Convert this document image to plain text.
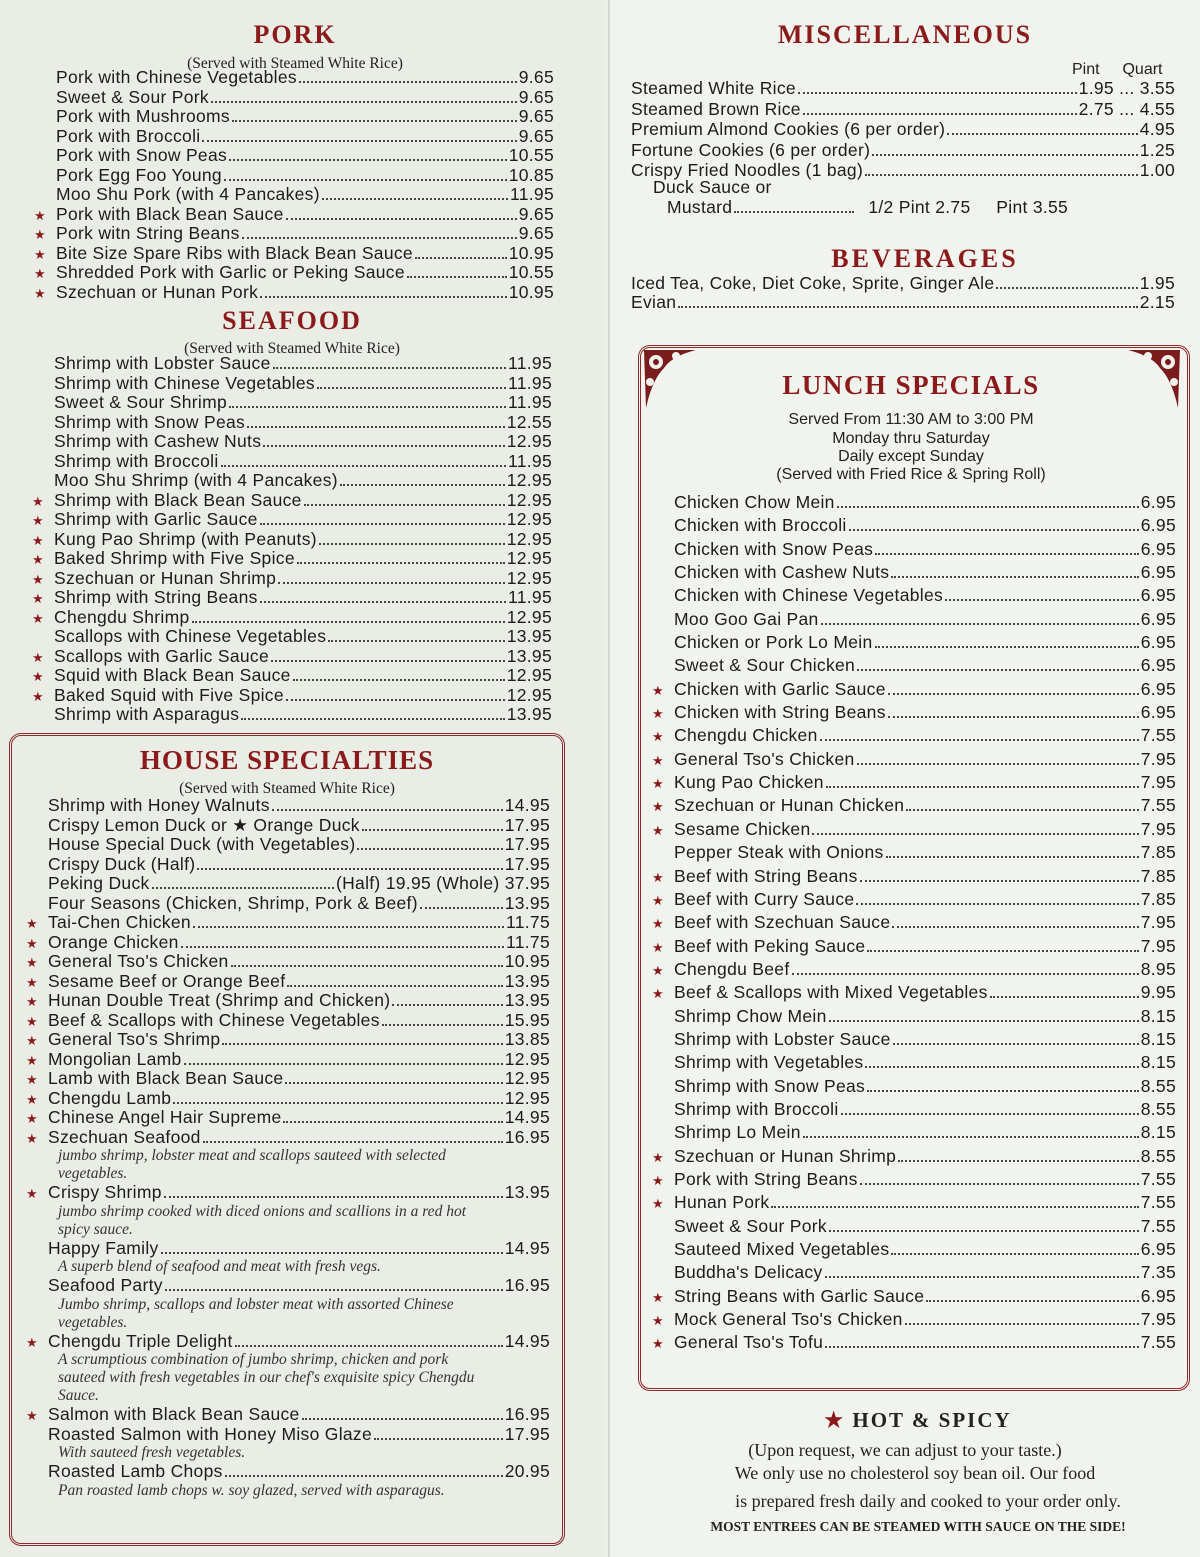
PORK
(Served with Steamed White Rice)
Pork with Chinese Vegetables	9.65
Sweet & Sour Pork	9.65
Pork with Mushrooms	9.65
Pork with Broccoli	9.65
Pork with Snow Peas	10.55
Pork Egg Foo Young	10.85
Moo Shu Pork (with 4 Pancakes)	11.95
★ Pork with Black Bean Sauce	9.65
★ Pork witn String Beans	9.65
★ Bite Size Spare Ribs with Black Bean Sauce	10.95
★ Shredded Pork with Garlic or Peking Sauce	10.55
★ Szechuan or Hunan Pork	10.95
SEAFOOD
(Served with Steamed White Rice)
Shrimp with Lobster Sauce	11.95
Shrimp with Chinese Vegetables	11.95
Sweet & Sour Shrimp	11.95
Shrimp with Snow Peas	12.55
Shrimp with Cashew Nuts	12.95
Shrimp with Broccoli	11.95
Moo Shu Shrimp (with 4 Pancakes)	12.95
★ Shrimp with Black Bean Sauce	12.95
★ Shrimp with Garlic Sauce	12.95
★ Kung Pao Shrimp (with Peanuts)	12.95
★ Baked Shrimp with Five Spice	12.95
★ Szechuan or Hunan Shrimp	12.95
★ Shrimp with String Beans	11.95
★ Chengdu Shrimp	12.95
Scallops with Chinese Vegetables	13.95
★ Scallops with Garlic Sauce	13.95
★ Squid with Black Bean Sauce	12.95
★ Baked Squid with Five Spice	12.95
Shrimp with Asparagus	13.95
HOUSE SPECIALTIES
(Served with Steamed White Rice)
Shrimp with Honey Walnuts	14.95
Crispy Lemon Duck or ★ Orange Duck	17.95
House Special Duck (with Vegetables)	17.95
Crispy Duck (Half)	17.95
Peking Duck	(Half) 19.95 (Whole) 37.95
Four Seasons (Chicken, Shrimp, Pork & Beef)	13.95
★ Tai-Chen Chicken	11.75
★ Orange Chicken	11.75
★ General Tso's Chicken	10.95
★ Sesame Beef or Orange Beef	13.95
★ Hunan Double Treat (Shrimp and Chicken)	13.95
★ Beef & Scallops with Chinese Vegetables	15.95
★ General Tso's Shrimp	13.85
★ Mongolian Lamb	12.95
★ Lamb with Black Bean Sauce	12.95
★ Chengdu Lamb	12.95
★ Chinese Angel Hair Supreme	14.95
★ Szechuan Seafood	16.95
jumbo shrimp, lobster meat and scallops sauteed with selected vegetables.
★ Crispy Shrimp	13.95
jumbo shrimp cooked with diced onions and scallions in a red hot spicy sauce.
Happy Family	14.95
A superb blend of seafood and meat with fresh vegs.
Seafood Party	16.95
Jumbo shrimp, scallops and lobster meat with assorted Chinese vegetables.
★ Chengdu Triple Delight	14.95
A scrumptious combination of jumbo shrimp, chicken and pork sauteed with fresh vegetables in our chef's exquisite spicy Chengdu Sauce.
★ Salmon with Black Bean Sauce	16.95
Roasted Salmon with Honey Miso Glaze	17.95
With sauteed fresh vegetables.
Roasted Lamb Chops	20.95
Pan roasted lamb chops w. soy glazed, served with asparagus.
MISCELLANEOUS
Pint Quart
Steamed White Rice	1.95 ... 3.55
Steamed Brown Rice	2.75 ... 4.55
Premium Almond Cookies (6 per order)	4.95
Fortune Cookies (6 per order)	1.25
Crispy Fried Noodles (1 bag)	1.00
Duck Sauce or
Mustard	1/2 Pint 2.75     Pint 3.55
BEVERAGES
Iced Tea, Coke, Diet Coke, Sprite, Ginger Ale	1.95
Evian	2.15
LUNCH SPECIALS
Served From 11:30 AM to 3:00 PM
Monday thru Saturday
Daily except Sunday
(Served with Fried Rice & Spring Roll)
Chicken Chow Mein	6.95
Chicken with Broccoli	6.95
Chicken with Snow Peas	6.95
Chicken with Cashew Nuts	6.95
Chicken with Chinese Vegetables	6.95
Moo Goo Gai Pan	6.95
Chicken or Pork Lo Mein	6.95
Sweet & Sour Chicken	6.95
★ Chicken with Garlic Sauce	6.95
★ Chicken with String Beans	6.95
★ Chengdu Chicken	7.55
★ General Tso's Chicken	7.95
★ Kung Pao Chicken	7.95
★ Szechuan or Hunan Chicken	7.55
★ Sesame Chicken	7.95
Pepper Steak with Onions	7.85
★ Beef with String Beans	7.85
★ Beef with Curry Sauce	7.85
★ Beef with Szechuan Sauce	7.95
★ Beef with Peking Sauce	7.95
★ Chengdu Beef	8.95
★ Beef & Scallops with Mixed Vegetables	9.95
Shrimp Chow Mein	8.15
Shrimp with Lobster Sauce	8.15
Shrimp with Vegetables	8.15
Shrimp with Snow Peas	8.55
Shrimp with Broccoli	8.55
Shrimp Lo Mein	8.15
★ Szechuan or Hunan Shrimp	8.55
★ Pork with String Beans	7.55
★ Hunan Pork	7.55
Sweet & Sour Pork	7.55
Sauteed Mixed Vegetables	6.95
Buddha's Delicacy	7.35
★ String Beans with Garlic Sauce	6.95
★ Mock General Tso's Chicken	7.95
★ General Tso's Tofu	7.55
★ HOT & SPICY
(Upon request, we can adjust to your taste.)
We only use no cholesterol soy bean oil. Our food
is prepared fresh daily and cooked to your order only.
MOST ENTREES CAN BE STEAMED WITH SAUCE ON THE SIDE!
